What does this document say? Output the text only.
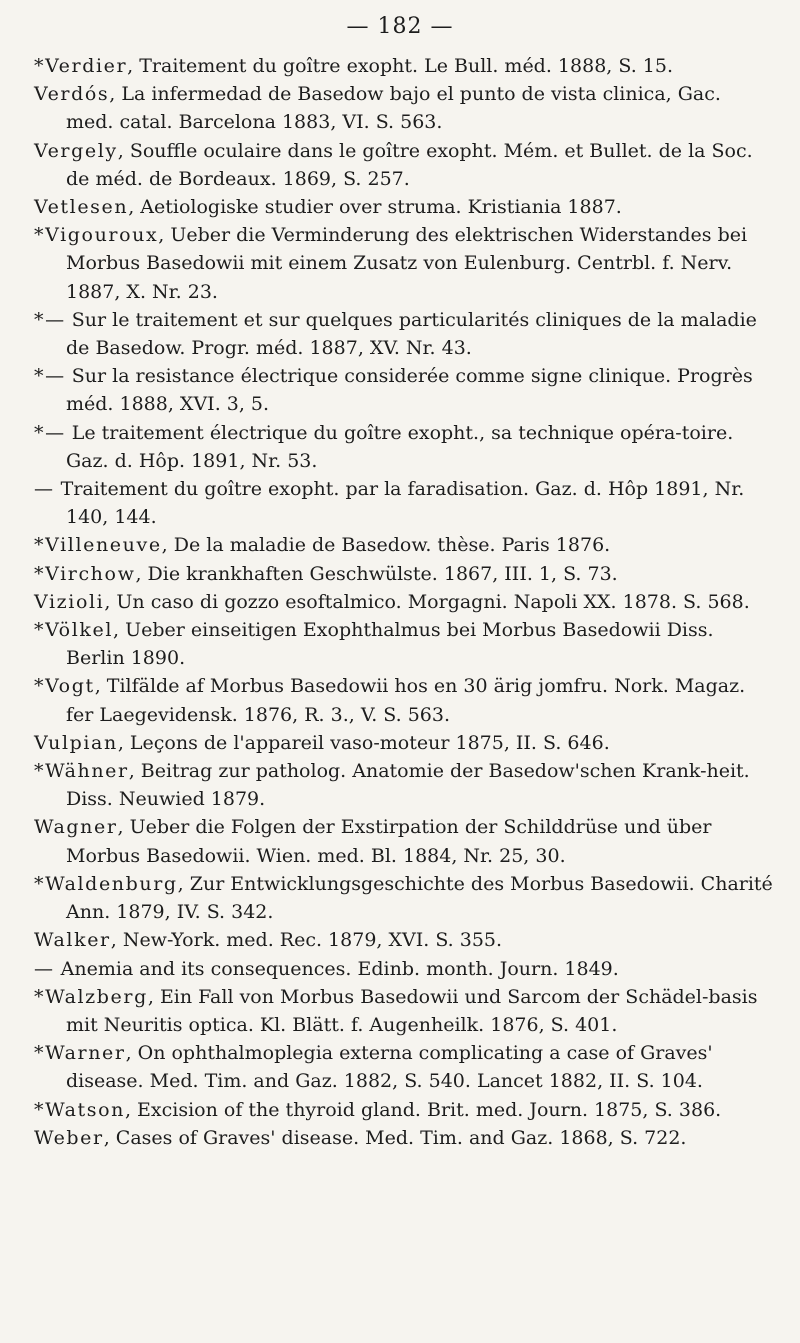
— 182 —

*Verdier, Traitement du goître exopht. Le Bull. méd. 1888, S. 15.

Verdós, La infermedad de Basedow bajo el punto de vista clinica, Gac. med. catal. Barcelona 1883, VI. S. 563.

Vergely, Souffle oculaire dans le goître exopht. Mém. et Bullet. de la Soc. de méd. de Bordeaux. 1869, S. 257.

Vetlesen, Aetiologiske studier over struma. Kristiania 1887.

*Vigouroux, Ueber die Verminderung des elektrischen Widerstandes bei Morbus Basedowii mit einem Zusatz von Eulenburg. Centrbl. f. Nerv. 1887, X. Nr. 23.

*— Sur le traitement et sur quelques particularités cliniques de la maladie de Basedow. Progr. méd. 1887, XV. Nr. 43.

*— Sur la resistance électrique considerée comme signe clinique. Progrès méd. 1888, XVI. 3, 5.

*— Le traitement électrique du goître exopht., sa technique opéra-toire. Gaz. d. Hôp. 1891, Nr. 53.

— Traitement du goître exopht. par la faradisation. Gaz. d. Hôp 1891, Nr. 140, 144.

*Villeneuve, De la maladie de Basedow. thèse. Paris 1876.

*Virchow, Die krankhaften Geschwülste. 1867, III. 1, S. 73.

Vizioli, Un caso di gozzo esoftalmico. Morgagni. Napoli XX. 1878. S. 568.

*Völkel, Ueber einseitigen Exophthalmus bei Morbus Basedowii Diss. Berlin 1890.

*Vogt, Tilfälde af Morbus Basedowii hos en 30 ärig jomfru. Nork. Magaz. fer Laegevidensk. 1876, R. 3., V. S. 563.

Vulpian, Leçons de l'appareil vaso-moteur 1875, II. S. 646.

*Wähner, Beitrag zur patholog. Anatomie der Basedow'schen Krank-heit. Diss. Neuwied 1879.

Wagner, Ueber die Folgen der Exstirpation der Schilddrüse und über Morbus Basedowii. Wien. med. Bl. 1884, Nr. 25, 30.

*Waldenburg, Zur Entwicklungsgeschichte des Morbus Basedowii. Charité Ann. 1879, IV. S. 342.

Walker, New-York. med. Rec. 1879, XVI. S. 355.

— Anemia and its consequences. Edinb. month. Journ. 1849.

*Walzberg, Ein Fall von Morbus Basedowii und Sarcom der Schädel-basis mit Neuritis optica. Kl. Blätt. f. Augenheilk. 1876, S. 401.

*Warner, On ophthalmoplegia externa complicating a case of Graves' disease. Med. Tim. and Gaz. 1882, S. 540. Lancet 1882, II. S. 104.

*Watson, Excision of the thyroid gland. Brit. med. Journ. 1875, S. 386.

Weber, Cases of Graves' disease. Med. Tim. and Gaz. 1868, S. 722.
